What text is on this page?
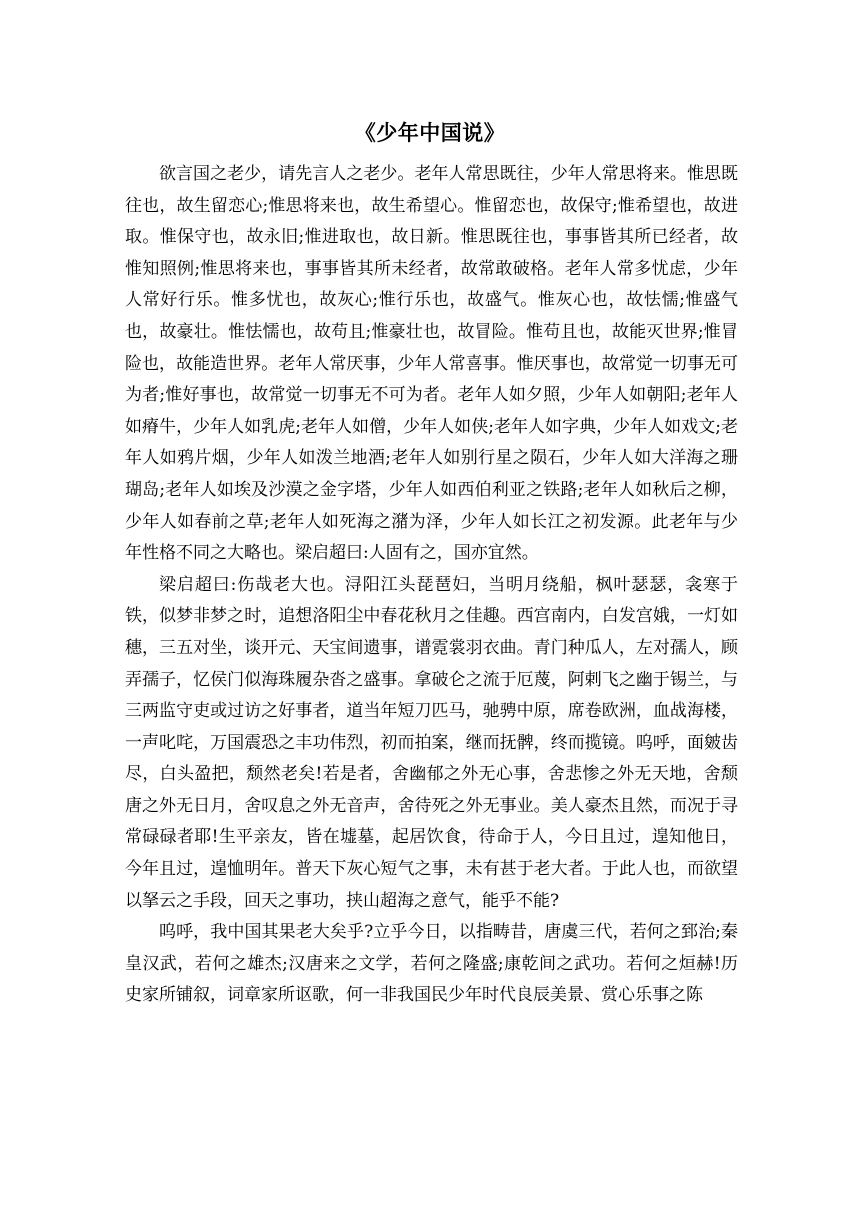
《少年中国说》

欲言国之老少，请先言人之老少。老年人常思既往，少年人常思将来。惟思既往也，故生留恋心;惟思将来也，故生希望心。惟留恋也，故保守;惟希望也，故进取。惟保守也，故永旧;惟进取也，故日新。惟思既往也，事事皆其所已经者，故惟知照例;惟思将来也，事事皆其所未经者，故常敢破格。老年人常多忧虑，少年人常好行乐。惟多忧也，故灰心;惟行乐也，故盛气。惟灰心也，故怯懦;惟盛气也，故豪壮。惟怯懦也，故苟且;惟豪壮也，故冒险。惟苟且也，故能灭世界;惟冒险也，故能造世界。老年人常厌事，少年人常喜事。惟厌事也，故常觉一切事无可为者;惟好事也，故常觉一切事无不可为者。老年人如夕照，少年人如朝阳;老年人如瘠牛，少年人如乳虎;老年人如僧，少年人如侠;老年人如字典，少年人如戏文;老年人如鸦片烟，少年人如泼兰地酒;老年人如别行星之陨石，少年人如大洋海之珊瑚岛;老年人如埃及沙漠之金字塔，少年人如西伯利亚之铁路;老年人如秋后之柳，少年人如春前之草;老年人如死海之潴为泽，少年人如长江之初发源。此老年与少年性格不同之大略也。梁启超曰:人固有之，国亦宜然。

梁启超曰:伤哉老大也。浔阳江头琵琶妇，当明月绕船，枫叶瑟瑟，衾寒于铁，似梦非梦之时，追想洛阳尘中春花秋月之佳趣。西宫南内，白发宫娥，一灯如穗，三五对坐，谈开元、天宝间遗事，谱霓裳羽衣曲。青门种瓜人，左对孺人，顾弄孺子，忆侯门似海珠履杂沓之盛事。拿破仑之流于厄蔑，阿剌飞之幽于锡兰，与三两监守吏或过访之好事者，道当年短刀匹马，驰骋中原，席卷欧洲，血战海楼，一声叱咤，万国震恐之丰功伟烈，初而拍案，继而抚髀，终而揽镜。呜呼，面皴齿尽，白头盈把，颓然老矣!若是者，舍幽郁之外无心事，舍悲惨之外无天地，舍颓唐之外无日月，舍叹息之外无音声，舍待死之外无事业。美人豪杰且然，而况于寻常碌碌者耶!生平亲友，皆在墟墓，起居饮食，待命于人，今日且过，遑知他日，今年且过，遑恤明年。普天下灰心短气之事，未有甚于老大者。于此人也，而欲望以拏云之手段，回天之事功，挟山超海之意气，能乎不能?

呜呼，我中国其果老大矣乎?立乎今日，以指畴昔，唐虞三代，若何之郅治;秦皇汉武，若何之雄杰;汉唐来之文学，若何之隆盛;康乾间之武功。若何之烜赫!历史家所铺叙，词章家所讴歌，何一非我国民少年时代良辰美景、赏心乐事之陈
